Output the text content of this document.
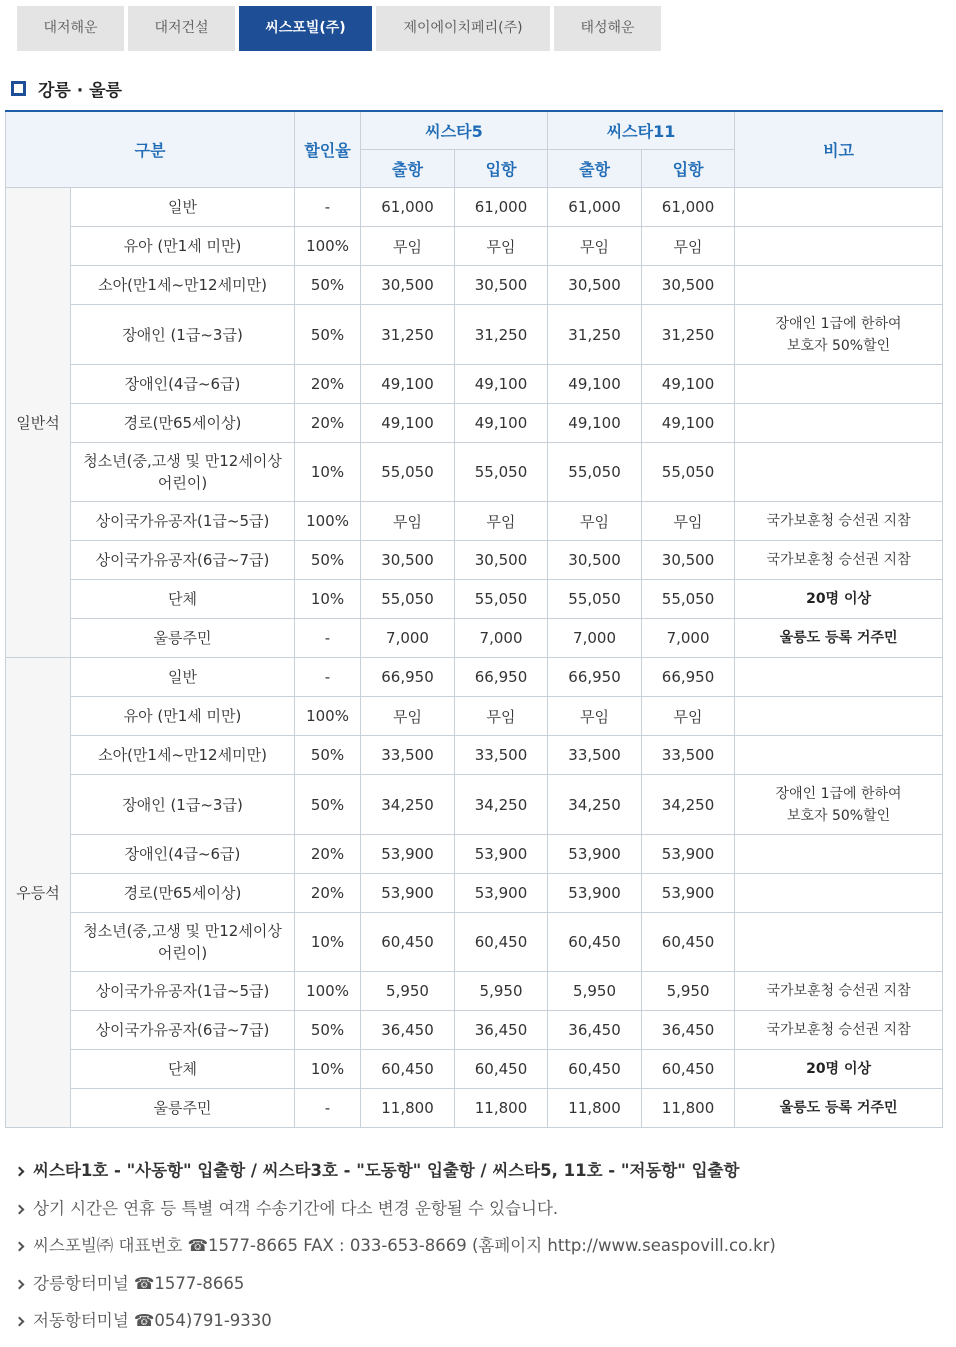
대저해운	대저건설	씨스포빌(주)	제이에이치페리(주)	태성해운
강릉 · 울릉
구분		할인율	씨스타5		씨스타11		비고
			출항	입항	출항	입항	
일반석	일반	-	61,000	61,000	61,000	61,000	
	유아 (만1세 미만)	100%	무임	무임	무임	무임	
	소아(만1세~만12세미만)	50%	30,500	30,500	30,500	30,500	
	장애인 (1급~3급)	50%	31,250	31,250	31,250	31,250	장애인 1급에 한하여
보호자 50%할인
	장애인(4급~6급)	20%	49,100	49,100	49,100	49,100	
	경로(만65세이상)	20%	49,100	49,100	49,100	49,100	
	청소년(중,고생 및 만12세이상
어린이)	10%	55,050	55,050	55,050	55,050	
	상이국가유공자(1급~5급)	100%	무임	무임	무임	무임	국가보훈청 승선권 지참
	상이국가유공자(6급~7급)	50%	30,500	30,500	30,500	30,500	국가보훈청 승선권 지참
	단체	10%	55,050	55,050	55,050	55,050	20명 이상
	울릉주민	-	7,000	7,000	7,000	7,000	울릉도 등록 거주민
우등석	일반	-	66,950	66,950	66,950	66,950	
	유아 (만1세 미만)	100%	무임	무임	무임	무임	
	소아(만1세~만12세미만)	50%	33,500	33,500	33,500	33,500	
	장애인 (1급~3급)	50%	34,250	34,250	34,250	34,250	장애인 1급에 한하여
보호자 50%할인
	장애인(4급~6급)	20%	53,900	53,900	53,900	53,900	
	경로(만65세이상)	20%	53,900	53,900	53,900	53,900	
	청소년(중,고생 및 만12세이상
어린이)	10%	60,450	60,450	60,450	60,450	
	상이국가유공자(1급~5급)	100%	5,950	5,950	5,950	5,950	국가보훈청 승선권 지참
	상이국가유공자(6급~7급)	50%	36,450	36,450	36,450	36,450	국가보훈청 승선권 지참
	단체	10%	60,450	60,450	60,450	60,450	20명 이상
	울릉주민	-	11,800	11,800	11,800	11,800	울릉도 등록 거주민
씨스타1호 - "사동항" 입출항 / 씨스타3호 - "도동항" 입출항 / 씨스타5, 11호 - "저동항" 입출항
상기 시간은 연휴 등 특별 여객 수송기간에 다소 변경 운항될 수 있습니다.
씨스포빌㈜ 대표번호 ☎1577-8665 FAX : 033-653-8669 (홈페이지 http://www.seaspovill.co.kr)
강릉항터미널 ☎1577-8665
저동항터미널 ☎054)791-9330
